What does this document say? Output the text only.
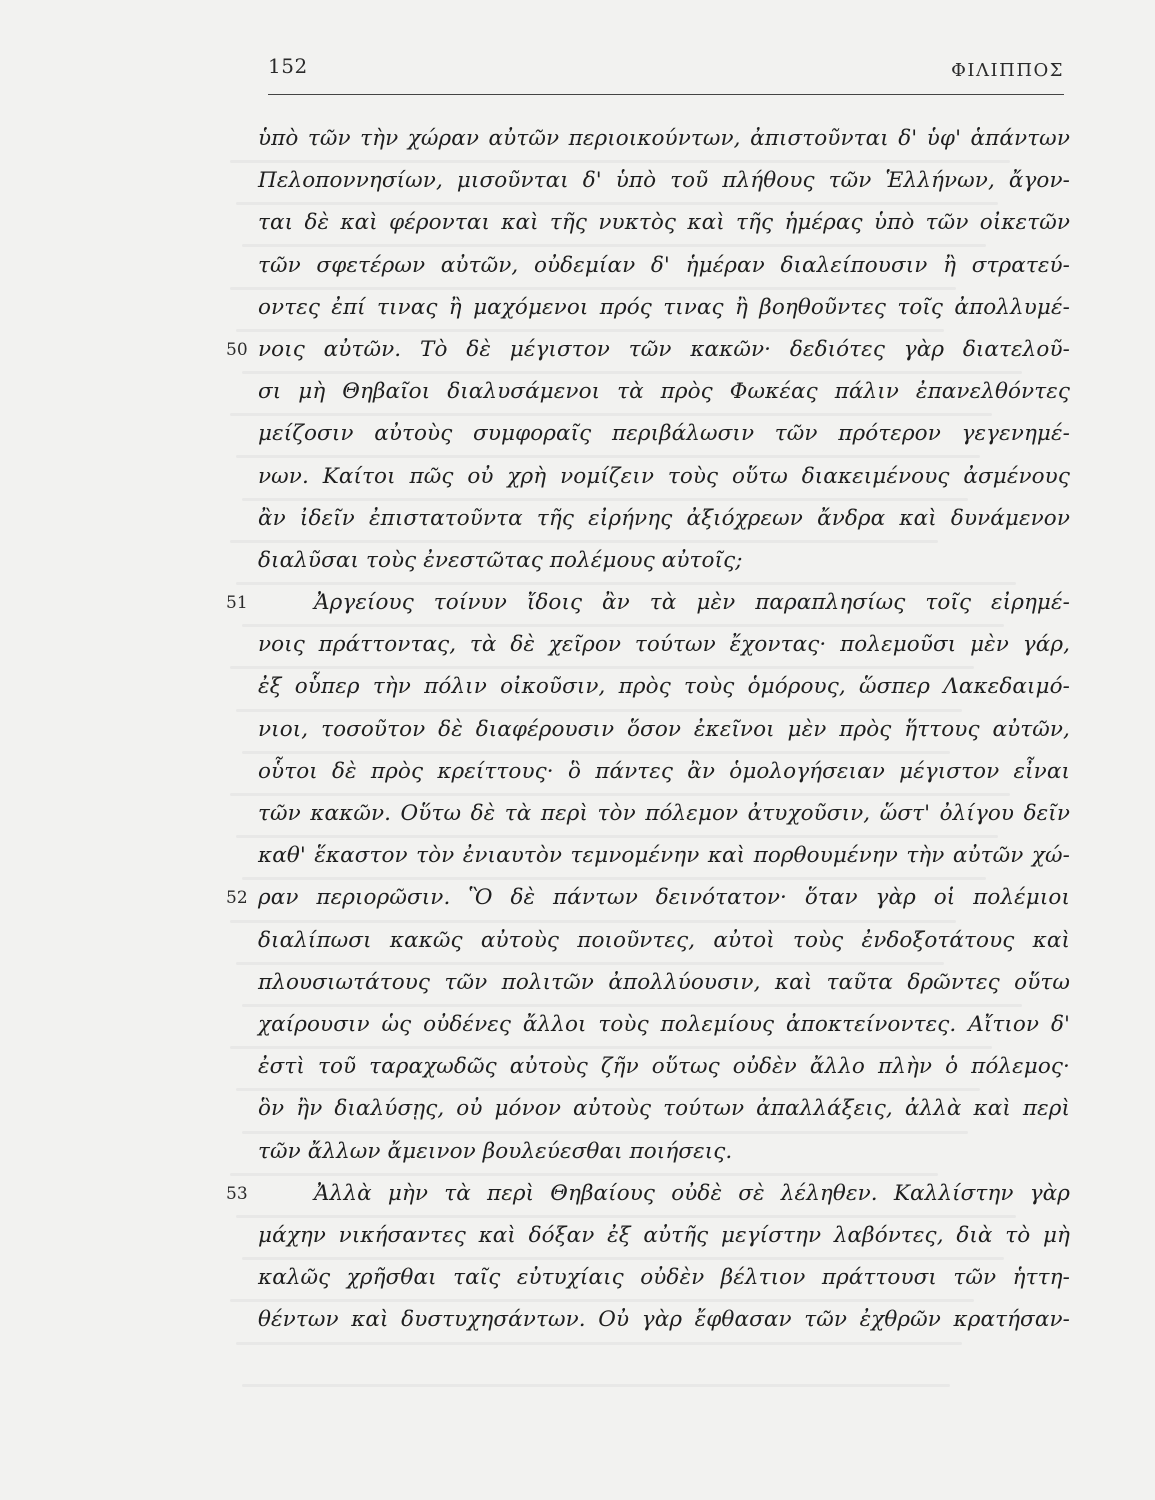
152	ΦΙΛΙΠΠΟΣ
ὑπὸ τῶν τὴν χώραν αὐτῶν περιοικούντων, ἀπιστοῦνται δ' ὑφ' ἁπάντων
Πελοποννησίων, μισοῦνται δ' ὑπὸ τοῦ πλήθους τῶν Ἑλλήνων, ἄγον-
ται δὲ καὶ φέρονται καὶ τῆς νυκτὸς καὶ τῆς ἡμέρας ὑπὸ τῶν οἰκετῶν
τῶν σφετέρων αὐτῶν, οὐδεμίαν δ' ἡμέραν διαλείπουσιν ἢ στρατεύ-
οντες ἐπί τινας ἢ μαχόμενοι πρός τινας ἢ βοηθοῦντες τοῖς ἀπολλυμέ-
50 νοις αὐτῶν. Τὸ δὲ μέγιστον τῶν κακῶν· δεδιότες γὰρ διατελοῦ-
σι μὴ Θηβαῖοι διαλυσάμενοι τὰ πρὸς Φωκέας πάλιν ἐπανελθόντες
μείζοσιν αὐτοὺς συμφοραῖς περιβάλωσιν τῶν πρότερον γεγενημέ-
νων. Καίτοι πῶς οὐ χρὴ νομίζειν τοὺς οὕτω διακειμένους ἀσμένους
ἂν ἰδεῖν ἐπιστατοῦντα τῆς εἰρήνης ἀξιόχρεων ἄνδρα καὶ δυνάμενον
διαλῦσαι τοὺς ἐνεστῶτας πολέμους αὐτοῖς;
51	Ἀργείους τοίνυν ἴδοις ἂν τὰ μὲν παραπλησίως τοῖς εἰρημέ-
νοις πράττοντας, τὰ δὲ χεῖρον τούτων ἔχοντας· πολεμοῦσι μὲν γάρ,
ἐξ οὗπερ τὴν πόλιν οἰκοῦσιν, πρὸς τοὺς ὁμόρους, ὥσπερ Λακεδαιμό-
νιοι, τοσοῦτον δὲ διαφέρουσιν ὅσον ἐκεῖνοι μὲν πρὸς ἥττους αὐτῶν,
οὗτοι δὲ πρὸς κρείττους· ὃ πάντες ἂν ὁμολογήσειαν μέγιστον εἶναι
τῶν κακῶν. Οὕτω δὲ τὰ περὶ τὸν πόλεμον ἀτυχοῦσιν, ὥστ' ὀλίγου δεῖν
καθ' ἕκαστον τὸν ἐνιαυτὸν τεμνομένην καὶ πορθουμένην τὴν αὐτῶν χώ-
52 ραν περιορῶσιν. Ὃ δὲ πάντων δεινότατον· ὅταν γὰρ οἱ πολέμιοι
διαλίπωσι κακῶς αὐτοὺς ποιοῦντες, αὐτοὶ τοὺς ἐνδοξοτάτους καὶ
πλουσιωτάτους τῶν πολιτῶν ἀπολλύουσιν, καὶ ταῦτα δρῶντες οὕτω
χαίρουσιν ὡς οὐδένες ἄλλοι τοὺς πολεμίους ἀποκτείνοντες. Αἴτιον δ'
ἐστὶ τοῦ ταραχωδῶς αὐτοὺς ζῆν οὕτως οὐδὲν ἄλλο πλὴν ὁ πόλεμος·
ὃν ἢν διαλύσῃς, οὐ μόνον αὐτοὺς τούτων ἀπαλλάξεις, ἀλλὰ καὶ περὶ
τῶν ἄλλων ἄμεινον βουλεύεσθαι ποιήσεις.
53	Ἀλλὰ μὴν τὰ περὶ Θηβαίους οὐδὲ σὲ λέληθεν. Καλλίστην γὰρ
μάχην νικήσαντες καὶ δόξαν ἐξ αὐτῆς μεγίστην λαβόντες, διὰ τὸ μὴ
καλῶς χρῆσθαι ταῖς εὐτυχίαις οὐδὲν βέλτιον πράττουσι τῶν ἡττη-
θέντων καὶ δυστυχησάντων. Οὐ γὰρ ἔφθασαν τῶν ἐχθρῶν κρατήσαν-
